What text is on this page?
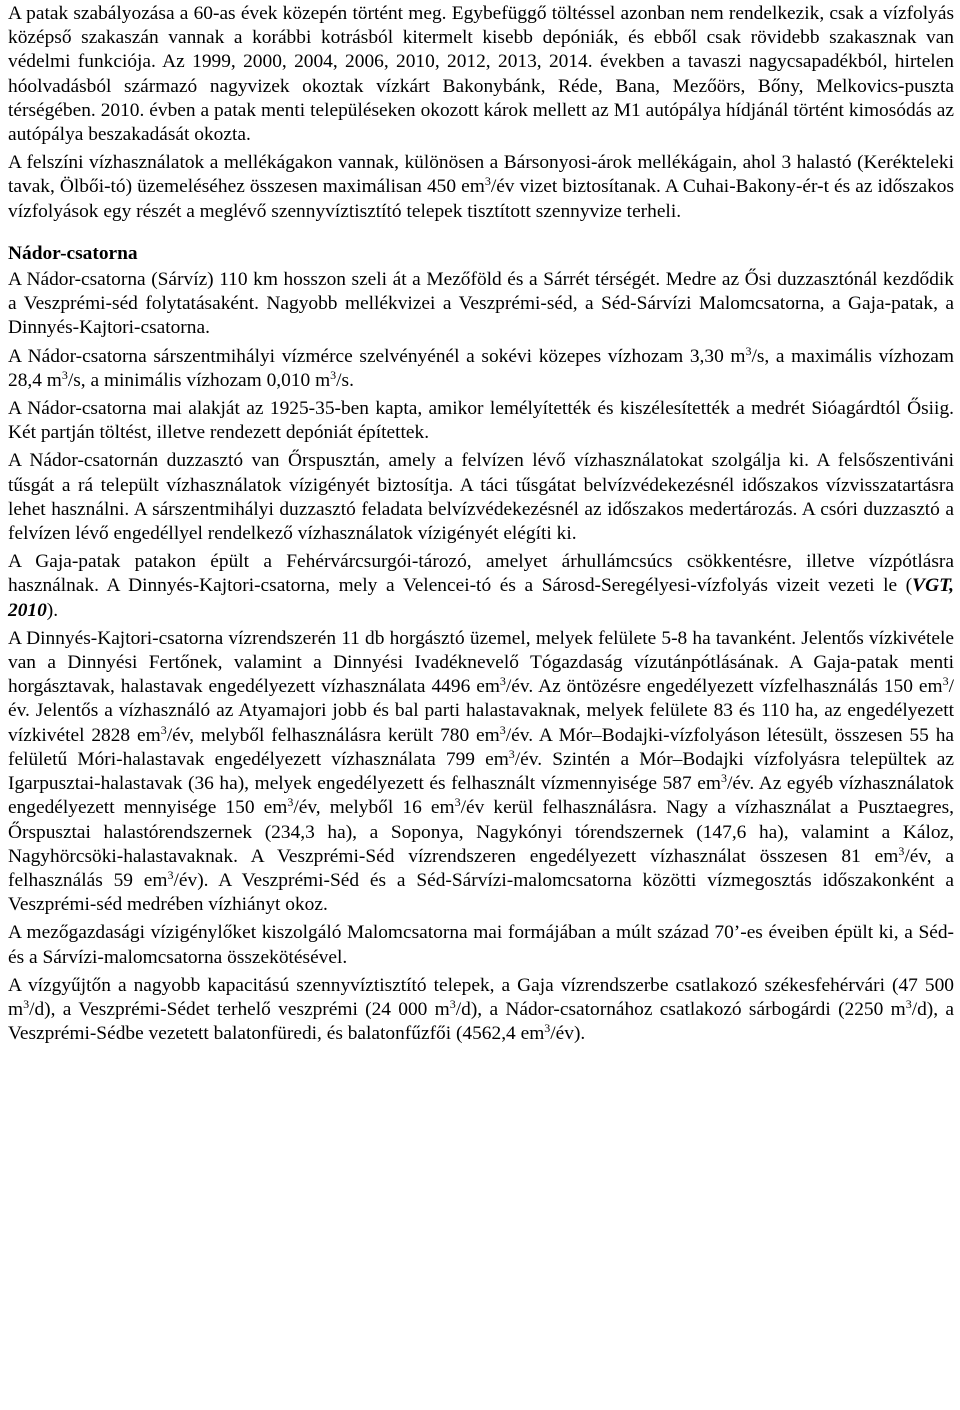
A patak szabályozása a 60-as évek közepén történt meg. Egybefüggő töltéssel azonban nem rendelkezik, csak a vízfolyás középső szakaszán vannak a korábbi kotrásból kitermelt kisebb depóniák, és ebből csak rövidebb szakasznak van védelmi funkciója. Az 1999, 2000, 2004, 2006, 2010, 2012, 2013, 2014. években a tavaszi nagycsapadékból, hirtelen hóolvadásból származó nagyvizek okoztak vízkárt Bakonybánk, Réde, Bana, Mezőörs, Bőny, Melkovics-puszta térségében. 2010. évben a patak menti településeken okozott károk mellett az M1 autópálya hídjánál történt kimosódás az autópálya beszakadását okozta.
A felszíni vízhasználatok a mellékágakon vannak, különösen a Bársonyosi-árok mellékágain, ahol 3 halastó (Kerékteleki tavak, Ölbői-tó) üzemeléséhez összesen maximálisan 450 $em^3/év$ vizet biztosítanak. A Cuhai-Bakony-ér-t és az időszakos vízfolyások egy részét a meglévő szennyvíztisztító telepek tisztított szennyvize terheli.
Nádor-csatorna
A Nádor-csatorna (Sárvíz) 110 km hosszon szeli át a Mezőföld és a Sárrét térségét. Medre az Ősi duzzasztónál kezdődik a Veszprémi-séd folytatásaként. Nagyobb mellékvizei a Veszprémi-séd, a Séd-Sárvízi Malomcsatorna, a Gaja-patak, a Dinnyés-Kajtori-csatorna.
A Nádor-csatorna sárszentmihályi vízmérce szelvényénél a sokévi közepes vízhozam 3,30 $m^3/s$, a maximális vízhozam 28,4 $m^3/s$, a minimális vízhozam 0,010 $m^3/s$.
A Nádor-csatorna mai alakját az 1925-35-ben kapta, amikor lemélyítették és kiszélesítették a medrét Sióagárdtól Ősiig. Két partján töltést, illetve rendezett depóniát építettek.
A Nádor-csatornán duzzasztó van Őrspusztán, amely a felvízen lévő vízhasználatokat szolgálja ki. A felsőszentiváni tűsgát a rá települt vízhasználatok vízigényét biztosítja. A táci tűsgátat belvízvédekezésnél időszakos vízvisszatartásra lehet használni. A sárszentmihályi duzzasztó feladata belvízvédekezésnél az időszakos medertározás. A csóri duzzasztó a felvízen lévő engedéllyel rendelkező vízhasználatok vízigényét elégíti ki.
A Gaja-patak patakon épült a Fehérvárcsurgói-tározó, amelyet árhullámcsúcs csökkentésre, illetve vízpótlásra használnak. A Dinnyés-Kajtori-csatorna, mely a Velencei-tó és a Sárosd-Seregélyesi-vízfolyás vizeit vezeti le (VGT, 2010).
A Dinnyés-Kajtori-csatorna vízrendszerén 11 db horgásztó üzemel, melyek felülete 5-8 ha tavanként. Jelentős vízkivétele van a Dinnyési Fertőnek, valamint a Dinnyési Ivadéknevelő Tógazdaság vízutánpótlásának. A Gaja-patak menti horgásztavak, halastavak engedélyezett vízhasználata 4496 $em^3/év$. Az öntözésre engedélyezett vízfelhasználás 150 $em^3/év$. Jelentős a vízhasználó az Atyamajori jobb és bal parti halastavaknak, melyek felülete 83 és 110 ha, az engedélyezett vízkivétel 2828 $em^3/év$, melyből felhasználásra került 780 $em^3/év$. A Mór–Bodajki-vízfolyáson létesült, összesen 55 ha felületű Móri-halastavak engedélyezett vízhasználata 799 $em^3/év$. Szintén a Mór–Bodajki vízfolyásra települtek az Igarpusztai-halastavak (36 ha), melyek engedélyezett és felhasznált vízmennyisége 587 $em^3/év$. Az egyéb vízhasználatok engedélyezett mennyisége 150 $em^3/év$, melyből 16 $em^3/év$ kerül felhasználásra. Nagy a vízhasználat a Pusztaegres, Őrspusztai halastórendszernek (234,3 ha), a Soponya, Nagykónyi tórendszernek (147,6 ha), valamint a Káloz, Nagyhörcsöki-halastavaknak. A Veszprémi-Séd vízrendszeren engedélyezett vízhasználat összesen 81 $em^3/év$, a felhasználás 59 $em^3/év$). A Veszprémi-Séd és a Séd-Sárvízi-malomcsatorna közötti vízmegosztás időszakonként a Veszprémi-séd medrében vízhiányt okoz.
A mezőgazdasági vízigénylőket kiszolgáló Malomcsatorna mai formájában a múlt század 70’-es éveiben épült ki, a Séd- és a Sárvízi-malomcsatorna összekötésével.
A vízgyűjtőn a nagyobb kapacitású szennyvíztisztító telepek, a Gaja vízrendszerbe csatlakozó székesfehérvári (47 500 $m^3/d$), a Veszprémi-Sédet terhelő veszprémi (24 000 $m^3/d$), a Nádor-csatornához csatlakozó sárbogárdi (2250 $m^3/d$), a Veszprémi-Sédbe vezetett balatonfüredi, és balatonfűzfői (4562,4 $em^3/év$).
